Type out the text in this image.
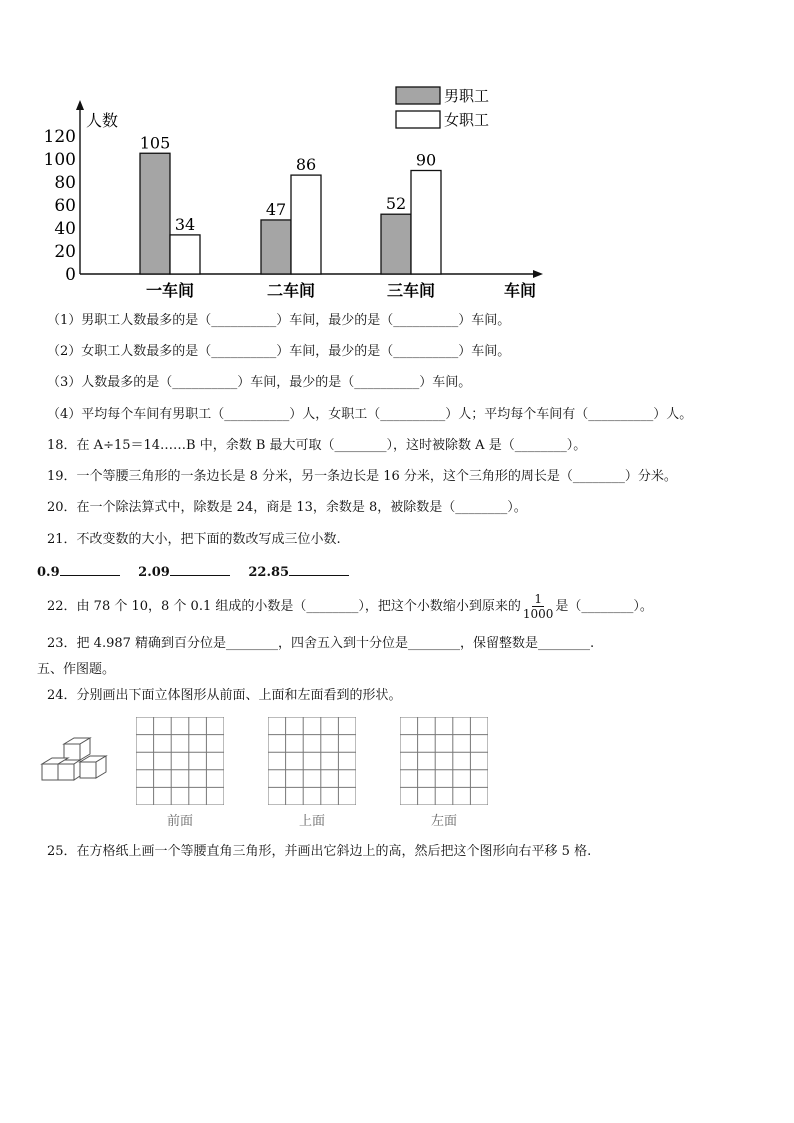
0
20
40
60
80
100
120
人数
105
34
一车间
47
86
二车间
52
90
三车间	车间
男职工
女职工
（1）男职工人数最多的是（__________）车间，最少的是（__________）车间。
（2）女职工人数最多的是（__________）车间，最少的是（__________）车间。
（3）人数最多的是（__________）车间，最少的是（__________）车间。
（4）平均每个车间有男职工（__________）人，女职工（__________）人；平均每个车间有（__________）人。
18．在 A÷15＝14……B 中，余数 B 最大可取（________），这时被除数 A 是（________）。
19．一个等腰三角形的一条边长是 8 分米，另一条边长是 16 分米，这个三角形的周长是（________）分米。
20．在一个除法算式中，除数是 24，商是 13，余数是 8，被除数是（________）。
21．不改变数的大小，把下面的数改写成三位小数.
0.9	2.09	22.85
22．由 78 个 10，8 个 0.1 组成的小数是（________），把这个小数缩小到原来的 $\frac{1}{1000}$ 是（________）。
23．把 4.987 精确到百分位是________，四舍五入到十分位是________，保留整数是________.
五、作图题。
24．分别画出下面立体图形从前面、上面和左面看到的形状。
前面	上面	左面
25．在方格纸上画一个等腰直角三角形，并画出它斜边上的高，然后把这个图形向右平移 5 格.
